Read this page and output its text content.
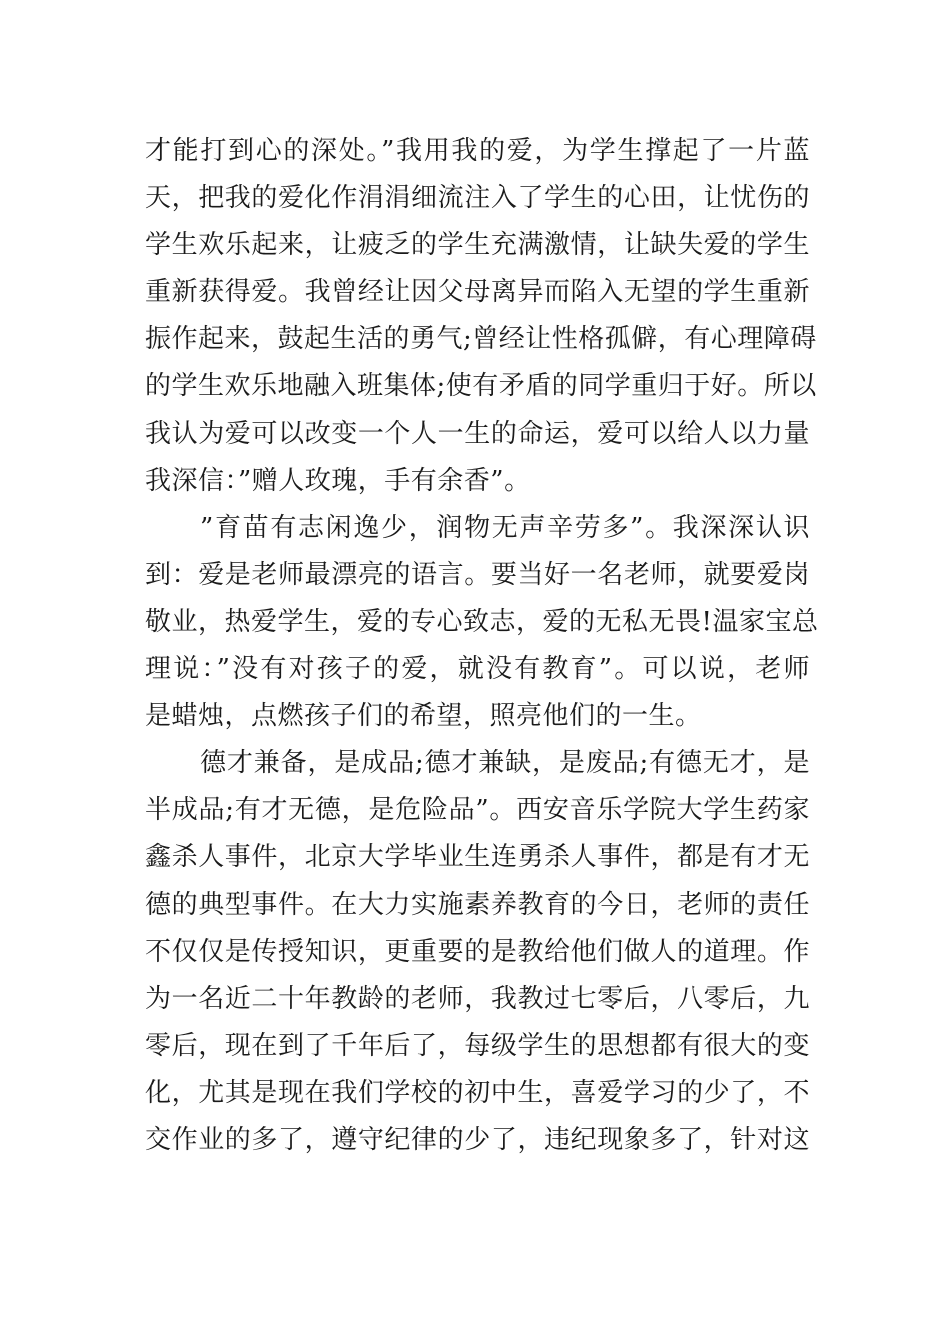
才能打到心的深处。”我用我的爱，为学生撑起了一片蓝
天，把我的爱化作涓涓细流注入了学生的心田，让忧伤的
学生欢乐起来，让疲乏的学生充满激情，让缺失爱的学生
重新获得爱。我曾经让因父母离异而陷入无望的学生重新
振作起来，鼓起生活的勇气;曾经让性格孤僻，有心理障碍
的学生欢乐地融入班集体;使有矛盾的同学重归于好。所以
我认为爱可以改变一个人一生的命运，爱可以给人以力量
我深信：”赠人玫瑰，手有余香”。
”育苗有志闲逸少，润物无声辛劳多”。我深深认识
到：爱是老师最漂亮的语言。要当好一名老师，就要爱岗
敬业，热爱学生，爱的专心致志，爱的无私无畏!温家宝总
理说：”没有对孩子的爱，就没有教育”。可以说，老师
是蜡烛，点燃孩子们的希望，照亮他们的一生。
德才兼备，是成品;德才兼缺，是废品;有德无才，是
半成品;有才无德，是危险品”。西安音乐学院大学生药家
鑫杀人事件，北京大学毕业生连勇杀人事件，都是有才无
德的典型事件。在大力实施素养教育的今日，老师的责任
不仅仅是传授知识，更重要的是教给他们做人的道理。作
为一名近二十年教龄的老师，我教过七零后，八零后，九
零后，现在到了千年后了，每级学生的思想都有很大的变
化，尤其是现在我们学校的初中生，喜爱学习的少了，不
交作业的多了，遵守纪律的少了，违纪现象多了，针对这
